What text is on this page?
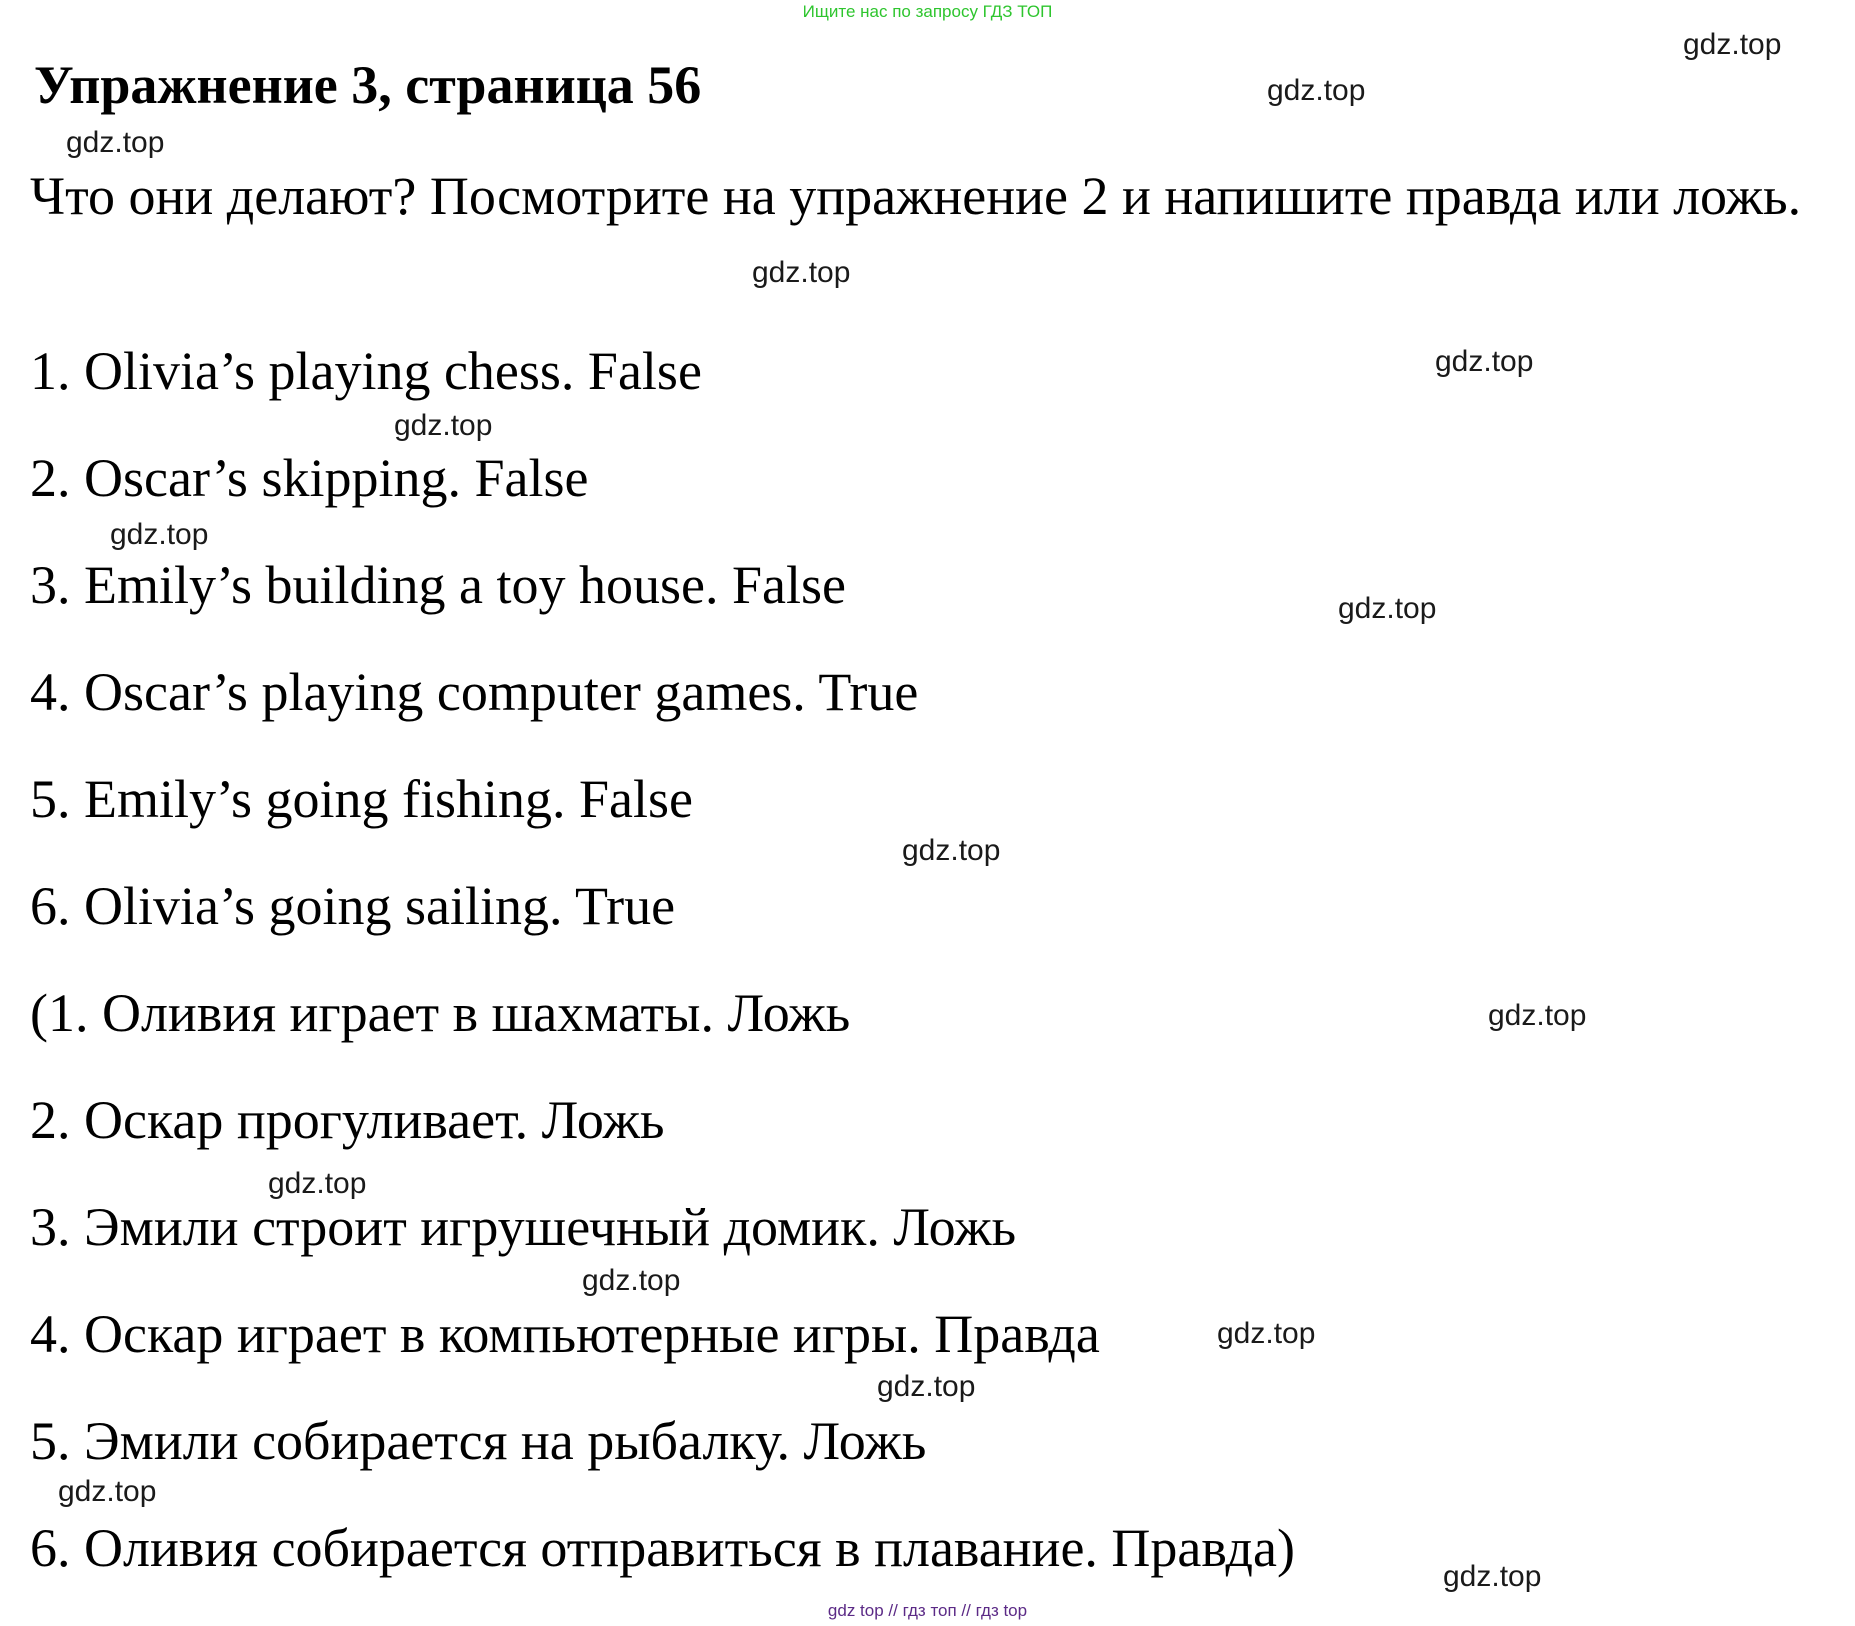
Ищите нас по запросу ГДЗ ТОП
Упражнение 3, страница 56

Что они делают? Посмотрите на упражнение 2 и напишите правда или ложь.

1. Olivia’s playing chess. False

2. Oscar’s skipping. False

3. Emily’s building a toy house. False

4. Oscar’s playing computer games. True

5. Emily’s going fishing. False

6. Olivia’s going sailing. True

(1. Оливия играет в шахматы. Ложь

2. Оскар прогуливает. Ложь

3. Эмили строит игрушечный домик. Ложь

4. Оскар играет в компьютерные игры. Правда

5. Эмили собирается на рыбалку. Ложь

6. Оливия собирается отправиться в плавание. Правда)

gdz.top
gdz.top
gdz.top
gdz.top
gdz.top
gdz.top
gdz.top
gdz.top
gdz.top
gdz.top
gdz.top
gdz.top
gdz.top
gdz.top
gdz.top
gdz.top
gdz top // гдз топ // гдз top
